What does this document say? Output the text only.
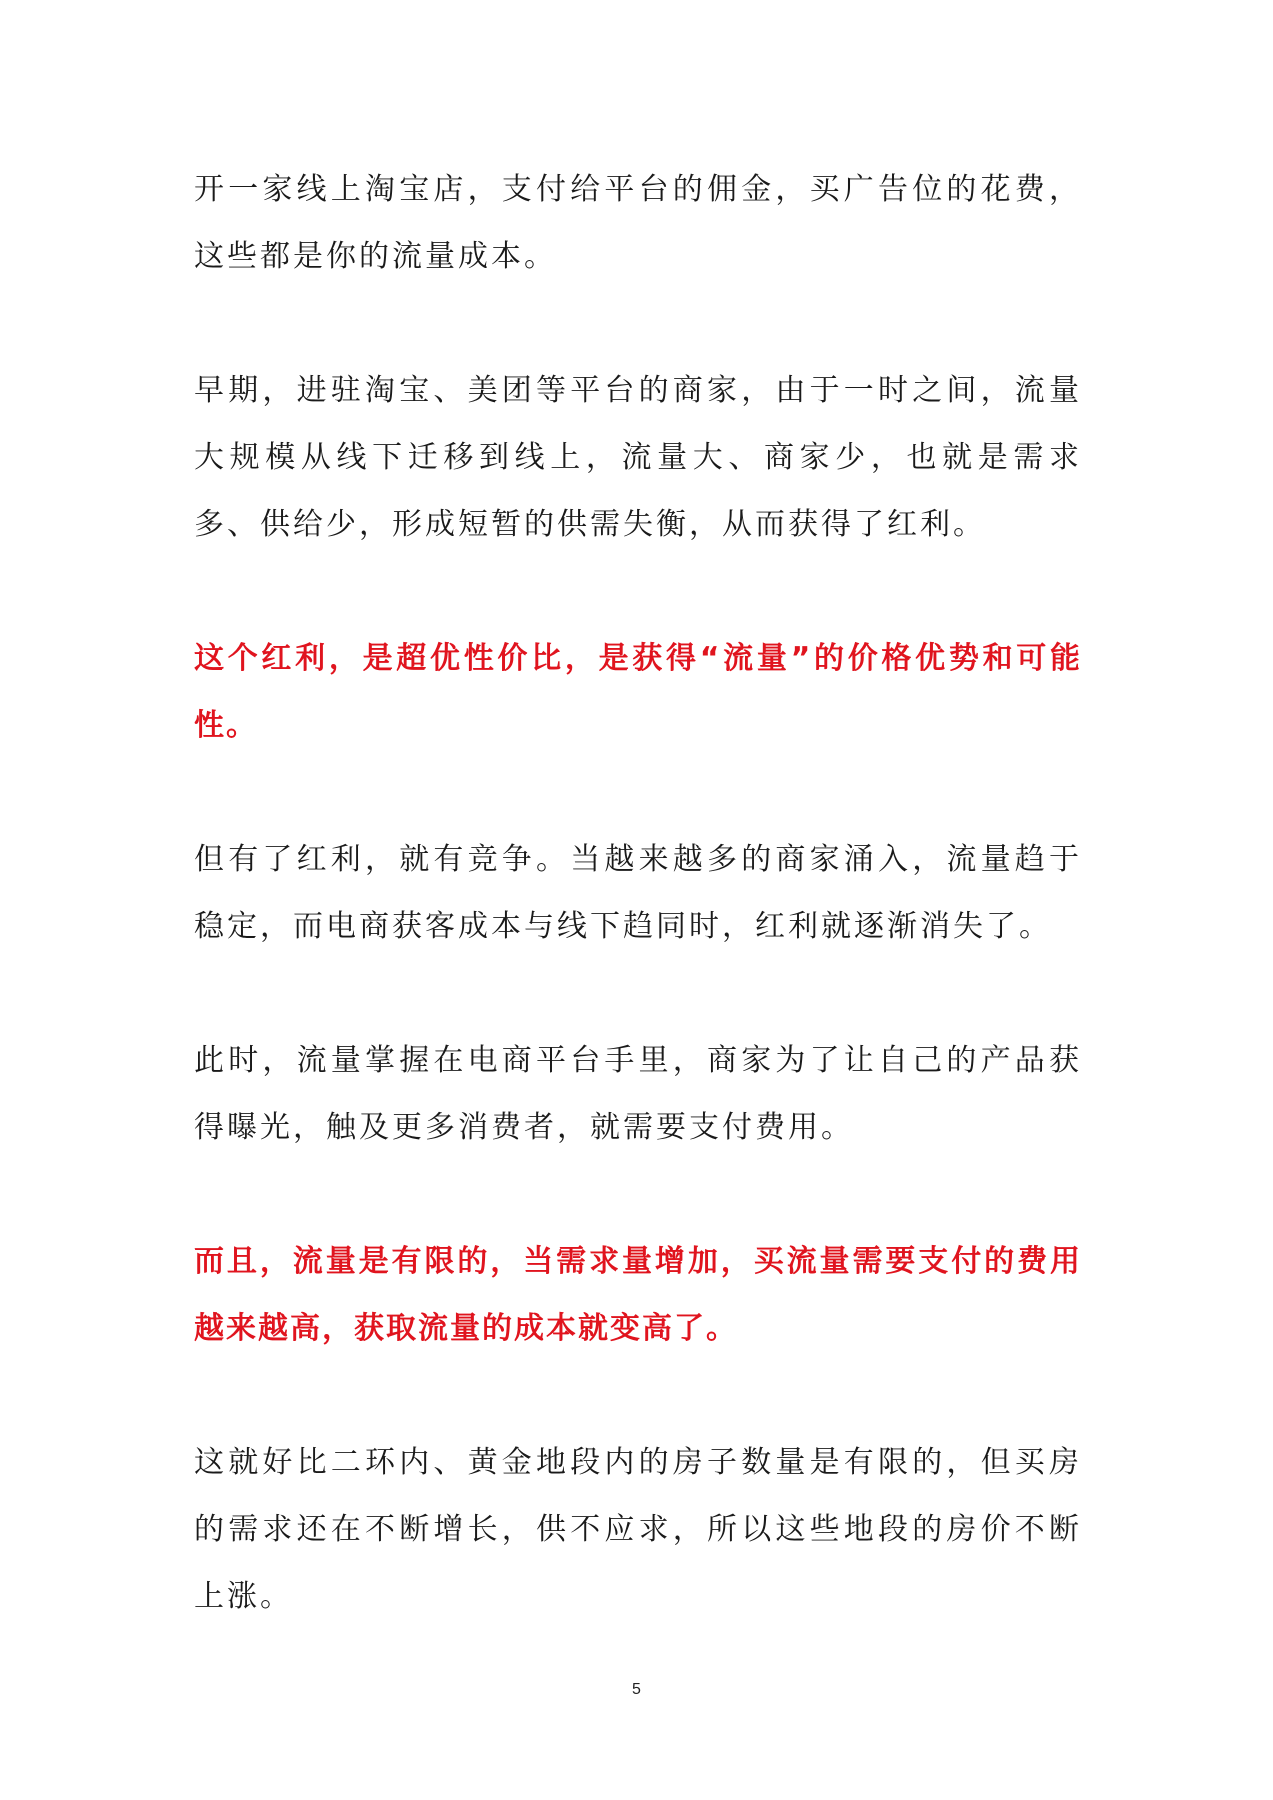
开一家线上淘宝店，支付给平台的佣金，买广告位的花费，这些都是你的流量成本。

早期，进驻淘宝、美团等平台的商家，由于一时之间，流量大规模从线下迁移到线上，流量大、商家少，也就是需求多、供给少，形成短暂的供需失衡，从而获得了红利。

这个红利，是超优性价比，是获得“流量”的价格优势和可能性。

但有了红利，就有竞争。当越来越多的商家涌入，流量趋于稳定，而电商获客成本与线下趋同时，红利就逐渐消失了。

此时，流量掌握在电商平台手里，商家为了让自己的产品获得曝光，触及更多消费者，就需要支付费用。

而且，流量是有限的，当需求量增加，买流量需要支付的费用越来越高，获取流量的成本就变高了。

这就好比二环内、黄金地段内的房子数量是有限的，但买房的需求还在不断增长，供不应求，所以这些地段的房价不断上涨。

5
